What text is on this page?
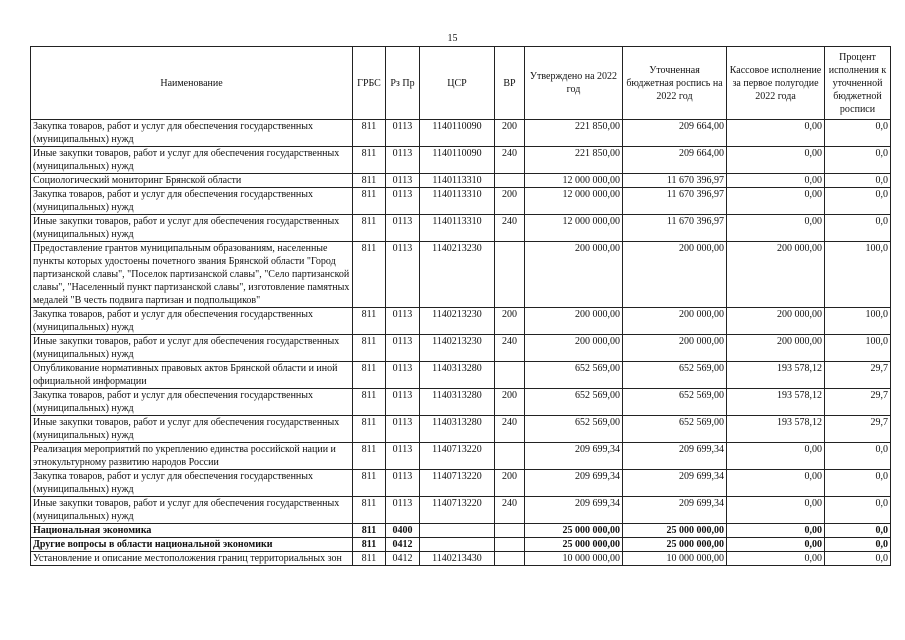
15
Наименование	ГРБС	Рз Пр	ЦСР	ВР	Утверждено на 2022 год	Уточненная бюджетная роспись на 2022 год	Кассовое исполнение за первое полугодие 2022 года	Процент исполнения к уточненной бюджетной росписи
Закупка товаров, работ и услуг для обеспечения государственных (муниципальных) нужд	811	0113	1140110090	200	221 850,00	209 664,00	0,00	0,0
Иные закупки товаров, работ и услуг для обеспечения государственных (муниципальных) нужд	811	0113	1140110090	240	221 850,00	209 664,00	0,00	0,0
Социологический мониторинг Брянской области	811	0113	1140113310		12 000 000,00	11 670 396,97	0,00	0,0
Закупка товаров, работ и услуг для обеспечения государственных (муниципальных) нужд	811	0113	1140113310	200	12 000 000,00	11 670 396,97	0,00	0,0
Иные закупки товаров, работ и услуг для обеспечения государственных (муниципальных) нужд	811	0113	1140113310	240	12 000 000,00	11 670 396,97	0,00	0,0
Предоставление грантов муниципальным образованиям, населенные пункты которых удостоены почетного звания Брянской области "Город партизанской славы", "Поселок партизанской славы", "Село партизанской славы", "Населенный пункт партизанской славы", изготовление памятных медалей "В честь подвига партизан и подпольщиков"	811	0113	1140213230		200 000,00	200 000,00	200 000,00	100,0
Закупка товаров, работ и услуг для обеспечения государственных (муниципальных) нужд	811	0113	1140213230	200	200 000,00	200 000,00	200 000,00	100,0
Иные закупки товаров, работ и услуг для обеспечения государственных (муниципальных) нужд	811	0113	1140213230	240	200 000,00	200 000,00	200 000,00	100,0
Опубликование нормативных правовых актов Брянской области и иной официальной информации	811	0113	1140313280		652 569,00	652 569,00	193 578,12	29,7
Закупка товаров, работ и услуг для обеспечения государственных (муниципальных) нужд	811	0113	1140313280	200	652 569,00	652 569,00	193 578,12	29,7
Иные закупки товаров, работ и услуг для обеспечения государственных (муниципальных) нужд	811	0113	1140313280	240	652 569,00	652 569,00	193 578,12	29,7
Реализация мероприятий по укреплению единства российской нации и этнокультурному развитию народов России	811	0113	1140713220		209 699,34	209 699,34	0,00	0,0
Закупка товаров, работ и услуг для обеспечения государственных (муниципальных) нужд	811	0113	1140713220	200	209 699,34	209 699,34	0,00	0,0
Иные закупки товаров, работ и услуг для обеспечения государственных (муниципальных) нужд	811	0113	1140713220	240	209 699,34	209 699,34	0,00	0,0
Национальная экономика	811	0400			25 000 000,00	25 000 000,00	0,00	0,0
Другие вопросы в области национальной экономики	811	0412			25 000 000,00	25 000 000,00	0,00	0,0
Установление и описание местоположения границ территориальных зон	811	0412	1140213430		10 000 000,00	10 000 000,00	0,00	0,0
